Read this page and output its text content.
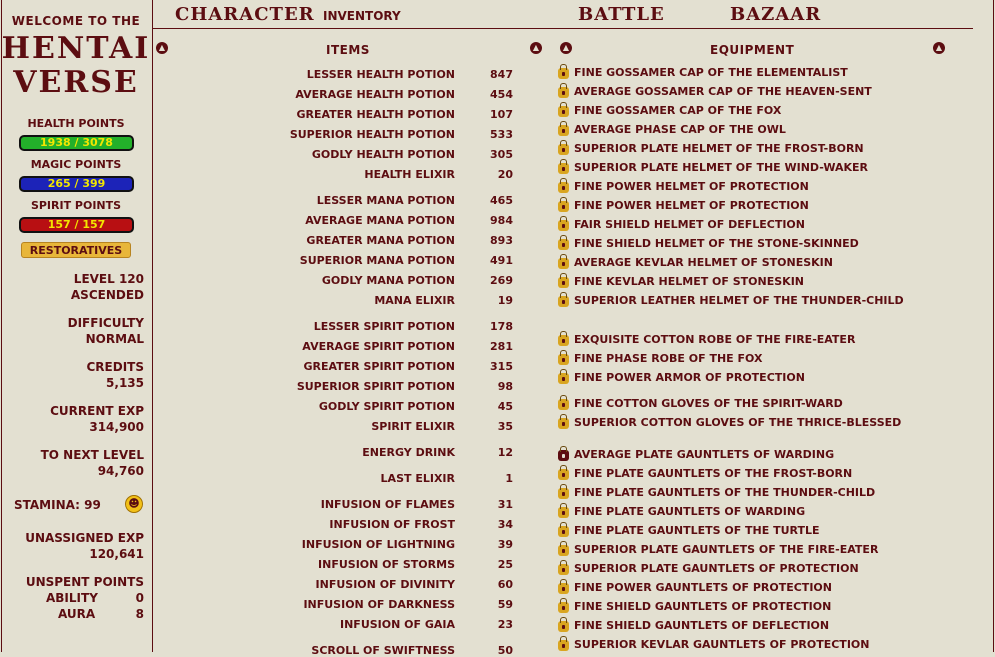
WELCOME TO THE
HENTAI
VERSE
HEALTH POINTS
1938 / 3078
MAGIC POINTS
265 / 399
SPIRIT POINTS
157 / 157
RESTORATIVES
LEVEL 120
ASCENDED
DIFFICULTY
NORMAL
CREDITS
5,135
CURRENT EXP
314,900
TO NEXT LEVEL
94,760
STAMINA: 99 ☻
UNASSIGNED EXP
120,641
UNSPENT POINTS
ABILITY	0
AURA	8
CHARACTER INVENTORY	BATTLE	BAZAAR
▲	ITEMS	▲	▲	EQUIPMENT	▲
LESSER HEALTH POTION	847
AVERAGE HEALTH POTION	454
GREATER HEALTH POTION	107
SUPERIOR HEALTH POTION	533
GODLY HEALTH POTION	305
HEALTH ELIXIR	20
LESSER MANA POTION	465
AVERAGE MANA POTION	984
GREATER MANA POTION	893
SUPERIOR MANA POTION	491
GODLY MANA POTION	269
MANA ELIXIR	19
LESSER SPIRIT POTION	178
AVERAGE SPIRIT POTION	281
GREATER SPIRIT POTION	315
SUPERIOR SPIRIT POTION	98
GODLY SPIRIT POTION	45
SPIRIT ELIXIR	35
ENERGY DRINK	12
LAST ELIXIR	1
INFUSION OF FLAMES	31
INFUSION OF FROST	34
INFUSION OF LIGHTNING	39
INFUSION OF STORMS	25
INFUSION OF DIVINITY	60
INFUSION OF DARKNESS	59
INFUSION OF GAIA	23
SCROLL OF SWIFTNESS	50
FINE GOSSAMER CAP OF THE ELEMENTALIST
AVERAGE GOSSAMER CAP OF THE HEAVEN-SENT
FINE GOSSAMER CAP OF THE FOX
AVERAGE PHASE CAP OF THE OWL
SUPERIOR PLATE HELMET OF THE FROST-BORN
SUPERIOR PLATE HELMET OF THE WIND-WAKER
FINE POWER HELMET OF PROTECTION
FINE POWER HELMET OF PROTECTION
FAIR SHIELD HELMET OF DEFLECTION
FINE SHIELD HELMET OF THE STONE-SKINNED
AVERAGE KEVLAR HELMET OF STONESKIN
FINE KEVLAR HELMET OF STONESKIN
SUPERIOR LEATHER HELMET OF THE THUNDER-CHILD
EXQUISITE COTTON ROBE OF THE FIRE-EATER
FINE PHASE ROBE OF THE FOX
FINE POWER ARMOR OF PROTECTION
FINE COTTON GLOVES OF THE SPIRIT-WARD
SUPERIOR COTTON GLOVES OF THE THRICE-BLESSED
AVERAGE PLATE GAUNTLETS OF WARDING
FINE PLATE GAUNTLETS OF THE FROST-BORN
FINE PLATE GAUNTLETS OF THE THUNDER-CHILD
FINE PLATE GAUNTLETS OF WARDING
FINE PLATE GAUNTLETS OF THE TURTLE
SUPERIOR PLATE GAUNTLETS OF THE FIRE-EATER
SUPERIOR PLATE GAUNTLETS OF PROTECTION
FINE POWER GAUNTLETS OF PROTECTION
FINE SHIELD GAUNTLETS OF PROTECTION
FINE SHIELD GAUNTLETS OF DEFLECTION
SUPERIOR KEVLAR GAUNTLETS OF PROTECTION
